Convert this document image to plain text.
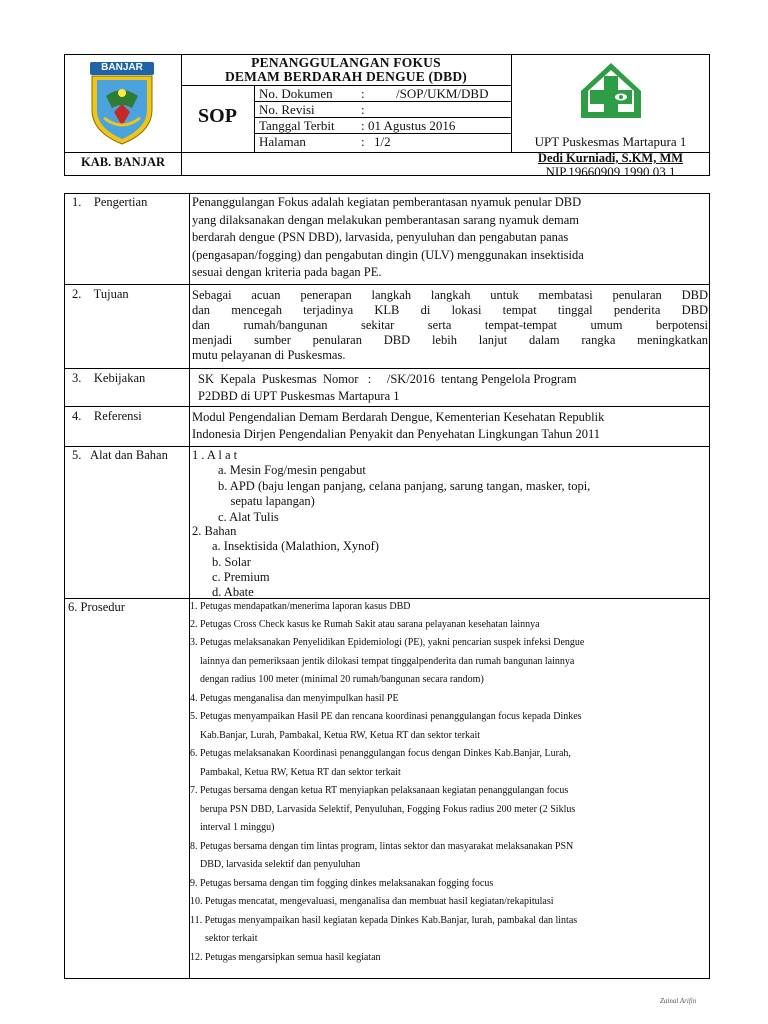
BANJAR
KAB. BANJAR
PENANGGULANGAN FOKUS
DEMAM BERDARAH DENGUE (DBD)
SOP
No. Dokumen : /SOP/UKM/DBD
No. Revisi	:
Tanggal Terbit : 01 Agustus 2016
Halaman	: 1/2	UPT Puskesmas Martapura 1
Dedi Kurniadi, S.KM, MM
NIP.19660909 1990 03 1
1.    Pengertian	Penanggulangan Fokus adalah kegiatan pemberantasan nyamuk penular DBD
yang dilaksanakan dengan melakukan pemberantasan sarang nyamuk demam
berdarah dengue (PSN DBD), larvasida, penyuluhan dan pengabutan panas
(pengasapan/fogging) dan pengabutan dingin (ULV) menggunakan insektisida
sesuai dengan kriteria pada bagan PE.
2.    Tujuan	Sebagai acuan penerapan langkah langkah untuk membatasi penularan DBD
dan mencegah terjadinya KLB di lokasi tempat tinggal penderita DBD
dan rumah/bangunan sekitar serta tempat-tempat umum berpotensi
menjadi sumber penularan DBD lebih lanjut dalam rangka meningkatkan
mutu pelayanan di Puskesmas.
3.    Kebijakan	SK  Kepala  Puskesmas  Nomor   :     /SK/2016  tentang Pengelola Program
P2DBD di UPT Puskesmas Martapura 1
4.    Referensi	Modul Pengendalian Demam Berdarah Dengue, Kementerian Kesehatan Republik
Indonesia Dirjen Pengendalian Penyakit dan Penyehatan Lingkungan Tahun 2011
5.   Alat dan Bahan 1 . A l a t
a. Mesin Fog/mesin pengabut
b. APD (baju lengan panjang, celana panjang, sarung tangan, masker, topi,
sepatu lapangan)
c. Alat Tulis
2. Bahan
a. Insektisida (Malathion, Xynof)
b. Solar
c. Premium
d. Abate
6. Prosedur	1. Petugas mendapatkan/menerima laporan kasus DBD
2. Petugas Cross Check kasus ke Rumah Sakit atau sarana pelayanan kesehatan lainnya
3. Petugas melaksanakan Penyelidikan Epidemiologi (PE), yakni pencarian suspek infeksi Dengue
lainnya dan pemeriksaan jentik dilokasi tempat tinggalpenderita dan rumah bangunan lainnya
dengan radius 100 meter (minimal 20 rumah/bangunan secara random)
4. Petugas menganalisa dan menyimpulkan hasil PE
5. Petugas menyampaikan Hasil PE dan rencana koordinasi penanggulangan focus kepada Dinkes
Kab.Banjar, Lurah, Pambakal, Ketua RW, Ketua RT dan sektor terkait
6. Petugas melaksanakan Koordinasi penanggulangan focus dengan Dinkes Kab.Banjar, Lurah,
Pambakal, Ketua RW, Ketua RT dan sektor terkait
7. Petugas bersama dengan ketua RT menyiapkan pelaksanaan kegiatan penanggulangan focus
berupa PSN DBD, Larvasida Selektif, Penyuluhan, Fogging Fokus radius 200 meter (2 Siklus
interval 1 minggu)
8. Petugas bersama dengan tim lintas program, lintas sektor dan masyarakat melaksanakan PSN
DBD, larvasida selektif dan penyuluhan
9. Petugas bersama dengan tim fogging dinkes melaksanakan fogging focus
10. Petugas mencatat, mengevaluasi, menganalisa dan membuat hasil kegiatan/rekapitulasi
11. Petugas menyampaikan hasil kegiatan kepada Dinkes Kab.Banjar, lurah, pambakal dan lintas
sektor terkait
12. Petugas mengarsipkan semua hasil kegiatan
Zainal Arifin
